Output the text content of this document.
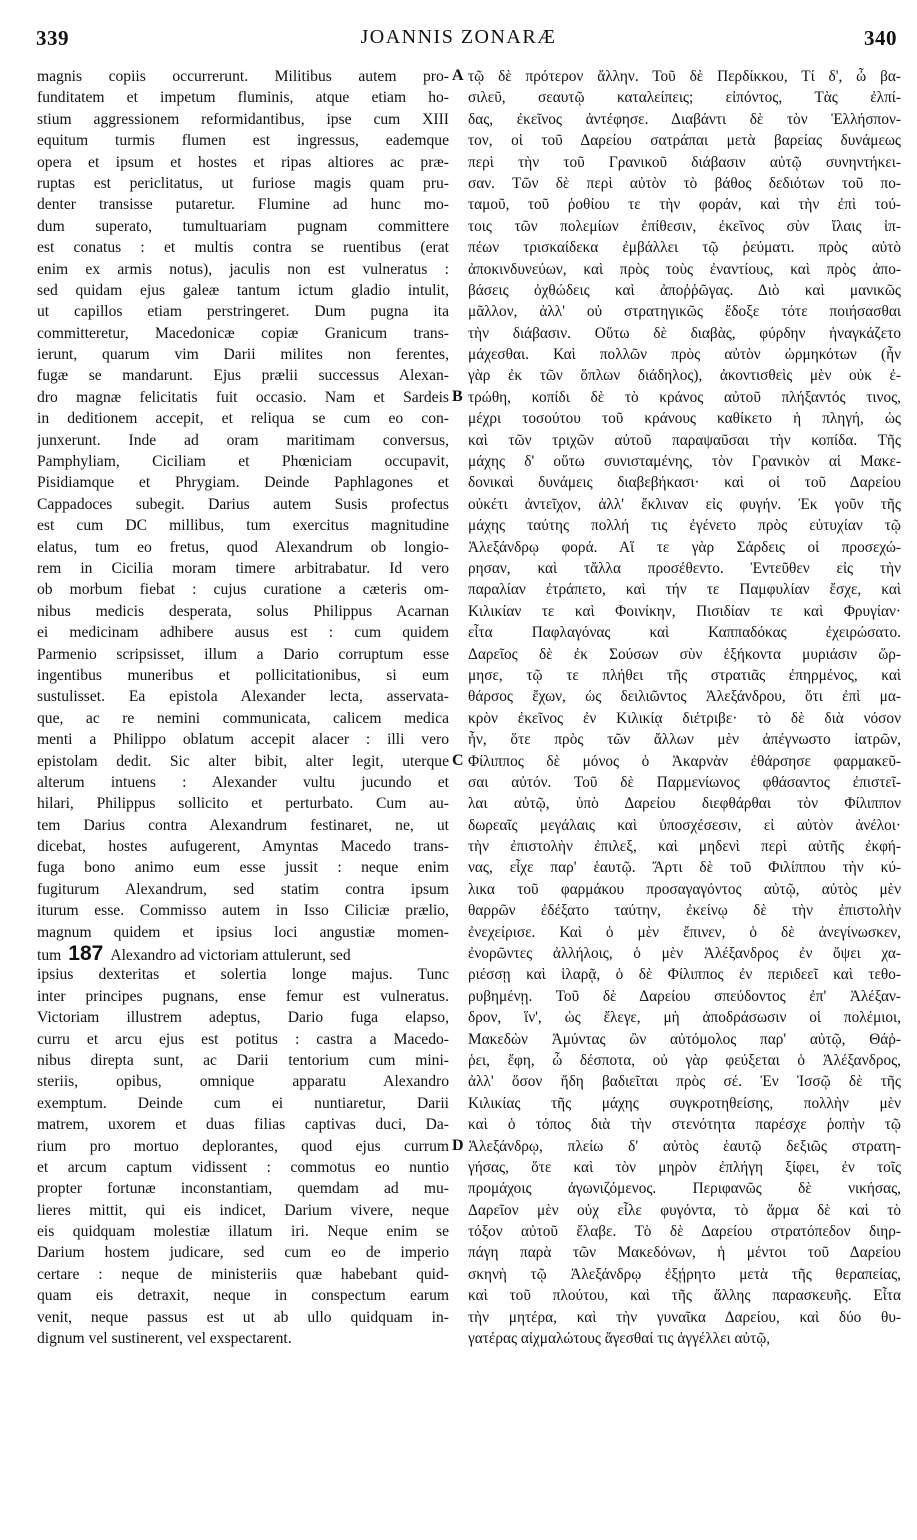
339	JOANNIS ZONARÆ	340
magnis copiis occurrerunt. Militibus autem pro-
funditatem et impetum fluminis, atque etiam ho-
stium aggressionem reformidantibus, ipse cum XIII
equitum turmis flumen est ingressus, eademque
opera et ipsum et hostes et ripas altiores ac præ-
ruptas est periclitatus, ut furiose magis quam pru-
denter transisse putaretur. Flumine ad hunc mo-
dum superato, tumultuariam pugnam committere
est conatus : et multis contra se ruentibus (erat
enim ex armis notus), jaculis non est vulneratus :
sed quidam ejus galeæ tantum ictum gladio intulit,
ut capillos etiam perstringeret. Dum pugna ita
committeretur, Macedonicæ copiæ Granicum trans-
ierunt, quarum vim Darii milites non ferentes,
fugæ se mandarunt. Ejus prælii successus Alexan-
dro magnæ felicitatis fuit occasio. Nam et Sardeis
in deditionem accepit, et reliqua se cum eo con-
junxerunt. Inde ad oram maritimam conversus,
Pamphyliam, Ciciliam et Phœniciam occupavit,
Pisidiamque et Phrygiam. Deinde Paphlagones et
Cappadoces subegit. Darius autem Susis profectus
est cum DC millibus, tum exercitus magnitudine
elatus, tum eo fretus, quod Alexandrum ob longio-
rem in Cicilia moram timere arbitrabatur. Id vero
ob morbum fiebat : cujus curatione a cæteris om-
nibus medicis desperata, solus Philippus Acarnan
ei medicinam adhibere ausus est : cum quidem
Parmenio scripsisset, illum a Dario corruptum esse
ingentibus muneribus et pollicitationibus, si eum
sustulisset. Ea epistola Alexander lecta, asservata-
que, ac re nemini communicata, calicem medica
menti a Philippo oblatum accepit alacer : illi vero
epistolam dedit. Sic alter bibit, alter legit, uterque
alterum intuens : Alexander vultu jucundo et
hilari, Philippus sollicito et perturbato. Cum au-
tem Darius contra Alexandrum festinaret, ne, ut
dicebat, hostes aufugerent, Amyntas Macedo trans-
fuga bono animo eum esse jussit : neque enim
fugiturum Alexandrum, sed statim contra ipsum
iturum esse. Commisso autem in Isso Ciliciæ prælio,
magnum quidem et ipsius loci angustiæ momen-
tum 187 Alexandro ad victoriam attulerunt, sed
ipsius dexteritas et solertia longe majus. Tunc
inter principes pugnans, ense femur est vulneratus.
Victoriam illustrem adeptus, Dario fuga elapso,
curru et arcu ejus est potitus : castra a Macedo-
nibus direpta sunt, ac Darii tentorium cum mini-
steriis, opibus, omnique apparatu Alexandro
exemptum. Deinde cum ei nuntiaretur, Darii
matrem, uxorem et duas filias captivas duci, Da-
rium pro mortuo deplorantes, quod ejus currum
et arcum captum vidissent : commotus eo nuntio
propter fortunæ inconstantiam, quemdam ad mu-
lieres mittit, qui eis indicet, Darium vivere, neque
eis quidquam molestiæ illatum iri. Neque enim se
Darium hostem judicare, sed cum eo de imperio
certare : neque de ministeriis quæ habebant quid-
quam eis detraxit, neque in conspectum earum
venit, neque passus est ut ab ullo quidquam in-
dignum vel sustinerent, vel exspectarent.
A
B
C
D
τῷ δὲ πρότερον ἄλλην. Τοῦ δὲ Περδίκκου, Τί δ', ὦ βα-
σιλεῦ, σεαυτῷ καταλείπεις; εἰπόντος, Τὰς ἐλπί-
δας, ἐκεῖνος ἀντέφησε. Διαβάντι δὲ τὸν Ἑλλήσπον-
τον, οἱ τοῦ Δαρείου σατράπαι μετὰ βαρείας δυνάμεως
περὶ τὴν τοῦ Γρανικοῦ διάβασιν αὐτῷ συνηντήκει-
σαν. Τῶν δὲ περὶ αὐτὸν τὸ βάθος δεδιότων τοῦ πο-
ταμοῦ, τοῦ ῥοθίου τε τὴν φοράν, καὶ τὴν ἐπὶ τού-
τοις τῶν πολεμίων ἐπίθεσιν, ἐκεῖνος σὺν ἴλαις ἱπ-
πέων τρισκαίδεκα ἐμβάλλει τῷ ῥεύματι. πρὸς αὐτὸ
ἀποκινδυνεύων, καὶ πρὸς τοὺς ἐναντίους, καὶ πρὸς ἀπο-
βάσεις ὀχθώδεις καὶ ἀποῤῥῶγας. Διὸ καὶ μανικῶς
μᾶλλον, ἀλλ' οὐ στρατηγικῶς ἔδοξε τότε ποιήσασθαι
τὴν διάβασιν. Οὕτω δὲ διαβὰς, φύρδην ἠναγκάζετο
μάχεσθαι. Καὶ πολλῶν πρὸς αὐτὸν ὡρμηκότων (ἦν
γὰρ ἐκ τῶν ὅπλων διάδηλος), ἀκοντισθεὶς μὲν οὐκ ἐ-
τρώθη, κοπίδι δὲ τὸ κράνος αὐτοῦ πλήξαντός τινος,
μέχρι τοσούτου τοῦ κράνους καθίκετο ἡ πληγή, ὡς
καὶ τῶν τριχῶν αὐτοῦ παραψαῦσαι τὴν κοπίδα. Τῆς
μάχης δ' οὕτω συνισταμένης, τὸν Γρανικὸν αἱ Μακε-
δονικαὶ δυνάμεις διαβεβήκασι· καὶ οἱ τοῦ Δαρείου
οὐκέτι ἀντεῖχον, ἀλλ' ἔκλιναν εἰς φυγήν. Ἐκ γοῦν τῆς
μάχης ταύτης πολλή τις ἐγένετο πρὸς εὐτυχίαν τῷ
Ἀλεξάνδρῳ φορά. Αἵ τε γὰρ Σάρδεις οἱ προσεχώ-
ρησαν, καὶ τἄλλα προσέθεντο. Ἐντεῦθεν εἰς τὴν
παραλίαν ἐτράπετο, καὶ τήν τε Παμφυλίαν ἔσχε, καὶ
Κιλικίαν τε καὶ Φοινίκην, Πισιδίαν τε καὶ Φρυγίαν·
εἶτα Παφλαγόνας καὶ Καππαδόκας ἐχειρώσατο.
Δαρεῖος δὲ ἐκ Σούσων σὺν ἑξήκοντα μυριάσιν ὥρ-
μησε, τῷ τε πλήθει τῆς στρατιᾶς ἐπηρμένος, καὶ
θάρσος ἔχων, ὡς δειλιῶντος Ἀλεξάνδρου, ὅτι ἐπὶ μα-
κρὸν ἐκεῖνος ἐν Κιλικίᾳ διέτριβε· τὸ δὲ διὰ νόσον
ἦν, ὅτε πρὸς τῶν ἄλλων μὲν ἀπέγνωστο ἰατρῶν,
Φίλιππος δὲ μόνος ὁ Ἀκαρνὰν ἐθάρσησε φαρμακεῦ-
σαι αὐτόν. Τοῦ δὲ Παρμενίωνος φθάσαντος ἐπιστεῖ-
λαι αὐτῷ, ὑπὸ Δαρείου διεφθάρθαι τὸν Φίλιππον
δωρεαῖς μεγάλαις καὶ ὑποσχέσεσιν, εἰ αὐτὸν ἀνέλοι·
τὴν ἐπιστολὴν ἐπιλεξ, καὶ μηδενὶ περὶ αὐτῆς ἐκφή-
νας, εἶχε παρ' ἑαυτῷ. Ἄρτι δὲ τοῦ Φιλίππου τὴν κύ-
λικα τοῦ φαρμάκου προσαγαγόντος αὐτῷ, αὐτὸς μὲν
θαρρῶν ἐδέξατο ταύτην, ἐκείνῳ δὲ τὴν ἐπιστολὴν
ἐνεχείρισε. Καὶ ὁ μὲν ἔπινεν, ὁ δὲ ἀνεγίνωσκεν,
ἐνορῶντες ἀλλήλοις, ὁ μὲν Ἀλέξανδρος ἐν ὄψει χα-
ριέσσῃ καὶ ἱλαρᾷ, ὁ δὲ Φίλιππος ἐν περιδεεῖ καὶ τεθο-
ρυβημένῃ. Τοῦ δὲ Δαρείου σπεύδοντος ἐπ' Ἀλέξαν-
δρον, ἵν', ὡς ἔλεγε, μὴ ἀποδράσωσιν οἱ πολέμιοι,
Μακεδὼν Ἀμύντας ὢν αὐτόμολος παρ' αὐτῷ, Θάῤ-
ῥει, ἔφη, ὦ δέσποτα, οὐ γὰρ φεύξεται ὁ Ἀλέξανδρος,
ἀλλ' ὅσον ἤδη βαδιεῖται πρὸς σέ. Ἐν Ἰσσῷ δὲ τῆς
Κιλικίας τῆς μάχης συγκροτηθείσης, πολλὴν μὲν
καὶ ὁ τόπος διὰ τὴν στενότητα παρέσχε ῥοπὴν τῷ
Ἀλεξάνδρῳ, πλείω δ' αὐτὸς ἑαυτῷ δεξιῶς στρατη-
γήσας, ὅτε καὶ τὸν μηρὸν ἐπλήγη ξίφει, ἐν τοῖς
προμάχοις ἀγωνιζόμενος. Περιφανῶς δὲ νικήσας,
Δαρεῖον μὲν οὐχ εἷλε φυγόντα, τὸ ἅρμα δὲ καὶ τὸ
τόξον αὐτοῦ ἔλαβε. Τὸ δὲ Δαρείου στρατόπεδον διηρ-
πάγη παρὰ τῶν Μακεδόνων, ἡ μέντοι τοῦ Δαρείου
σκηνὴ τῷ Ἀλεξάνδρῳ ἐξῄρητο μετὰ τῆς θεραπείας,
καὶ τοῦ πλούτου, καὶ τῆς ἄλλης παρασκευῆς. Εἶτα
τὴν μητέρα, καὶ τὴν γυναῖκα Δαρείου, καὶ δύο θυ-
γατέρας αἰχμαλώτους ἄγεσθαί τις ἀγγέλλει αὐτῷ,
